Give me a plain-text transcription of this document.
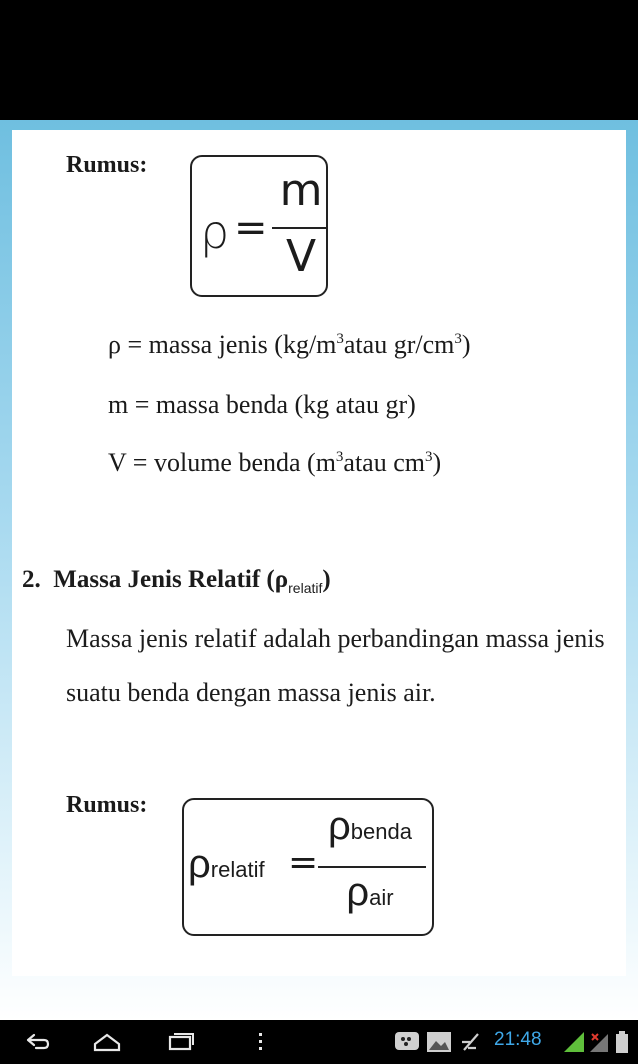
Rumus:
ρ =
m
V
ρ = massa jenis ($kg/m^3atau$ $gr/cm^3$)
m = massa benda (kg atau gr)
V = volume benda ($m^3atau$ $cm^3$)
2. Massa Jenis Relatif $(\rho_{relatif})$
Massa jenis relatif adalah perbandingan massa jenis suatu benda dengan massa jenis air.
Rumus:
ρrelatif =
ρbenda
ρair
21:48
